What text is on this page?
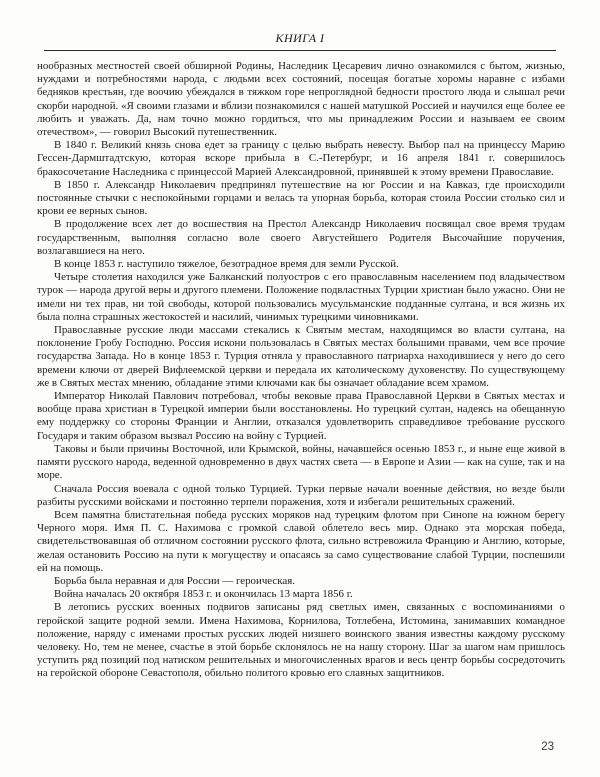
КНИГА I

нообразных местностей своей обширной Родины, Наследник Цесаревич лично ознакомился с бытом, жизнью, нуждами и потребностями народа, с людьми всех состояний, посещая богатые хоромы наравне с избами бедняков крестьян, где воочию убеждался в тяжком горе непроглядной бедности простого люда и слышал речи скорби народной. «Я своими глазами и вблизи познакомился с нашей матушкой Россией и научился еще более ее любить и уважать. Да, нам точно можно гордиться, что мы принадлежим России и называем ее своим отечеством», — говорил Высокий путешественник.

В 1840 г. Великий князь снова едет за границу с целью выбрать невесту. Выбор пал на принцессу Марию Гессен-Дармштадтскую, которая вскоре прибыла в С.-Петербург, и 16 апреля 1841 г. совершилось бракосочетание Наследника с принцессой Марией Александровной, принявшей к этому времени Православие.

В 1850 г. Александр Николаевич предпринял путешествие на юг России и на Кавказ, где происходили постоянные стычки с неспокойными горцами и велась та упорная борьба, которая стоила России столько сил и крови ее верных сынов.

В продолжение всех лет до восшествия на Престол Александр Николаевич посвящал свое время трудам государственным, выполняя согласно воле своего Августейшего Родителя Высочайшие поручения, возлагавшиеся на него.

В конце 1853 г. наступило тяжелое, безотрадное время для земли Русской.

Четыре столетия находился уже Балканский полуостров с его православным населением под владычеством турок — народа другой веры и другого племени. Положение подвластных Турции христиан было ужасно. Они не имели ни тех прав, ни той свободы, которой пользовались мусульманские подданные султана, и вся жизнь их была полна страшных жестокостей и насилий, чинимых турецкими чиновниками.

Православные русские люди массами стекались к Святым местам, находящимся во власти султана, на поклонение Гробу Господню. Россия искони пользовалась в Святых местах большими правами, чем все прочие государства Запада. Но в конце 1853 г. Турция отняла у православного патриарха находившиеся у него до сего времени ключи от дверей Вифлеемской церкви и передала их католическому духовенству. По существующему же в Святых местах мнению, обладание этими ключами как бы означает обладание всем храмом.

Император Николай Павлович потребовал, чтобы вековые права Православной Церкви в Святых местах и вообще права христиан в Турецкой империи были восстановлены. Но турецкий султан, надеясь на обещанную ему поддержку со стороны Франции и Англии, отказался удовлетворить справедливое требование русского Государя и таким образом вызвал Россию на войну с Турцией.

Таковы и были причины Восточной, или Крымской, войны, начавшейся осенью 1853 г., и ныне еще живой в памяти русского народа, веденной одновременно в двух частях света — в Европе и Азии — как на суше, так и на море.

Сначала Россия воевала с одной только Турцией. Турки первые начали военные действия, но везде были разбиты русскими войсками и постоянно терпели поражения, хотя и избегали решительных сражений.

Всем памятна блистательная победа русских моряков над турецким флотом при Синопе на южном берегу Черного моря. Имя П. С. Нахимова с громкой славой облетело весь мир. Однако эта морская победа, свидетельствовавшая об отличном состоянии русского флота, сильно встревожила Францию и Англию, которые, желая остановить Россию на пути к могуществу и опасаясь за само существование слабой Турции, поспешили ей на помощь.

Борьба была неравная и для России — героическая.

Война началась 20 октября 1853 г. и окончилась 13 марта 1856 г.

В летопись русских военных подвигов записаны ряд светлых имен, связанных с воспоминаниями о геройской защите родной земли. Имена Нахимова, Корнилова, Тотлебена, Истомина, занимавших командное положение, наряду с именами простых русских людей низшего воинского звания известны каждому русскому человеку. Но, тем не менее, счастье в этой борьбе склонялось не на нашу сторону. Шаг за шагом нам пришлось уступить ряд позиций под натиском решительных и многочисленных врагов и весь центр борьбы сосредоточить на геройской обороне Севастополя, обильно политого кровью его славных защитников.

23
